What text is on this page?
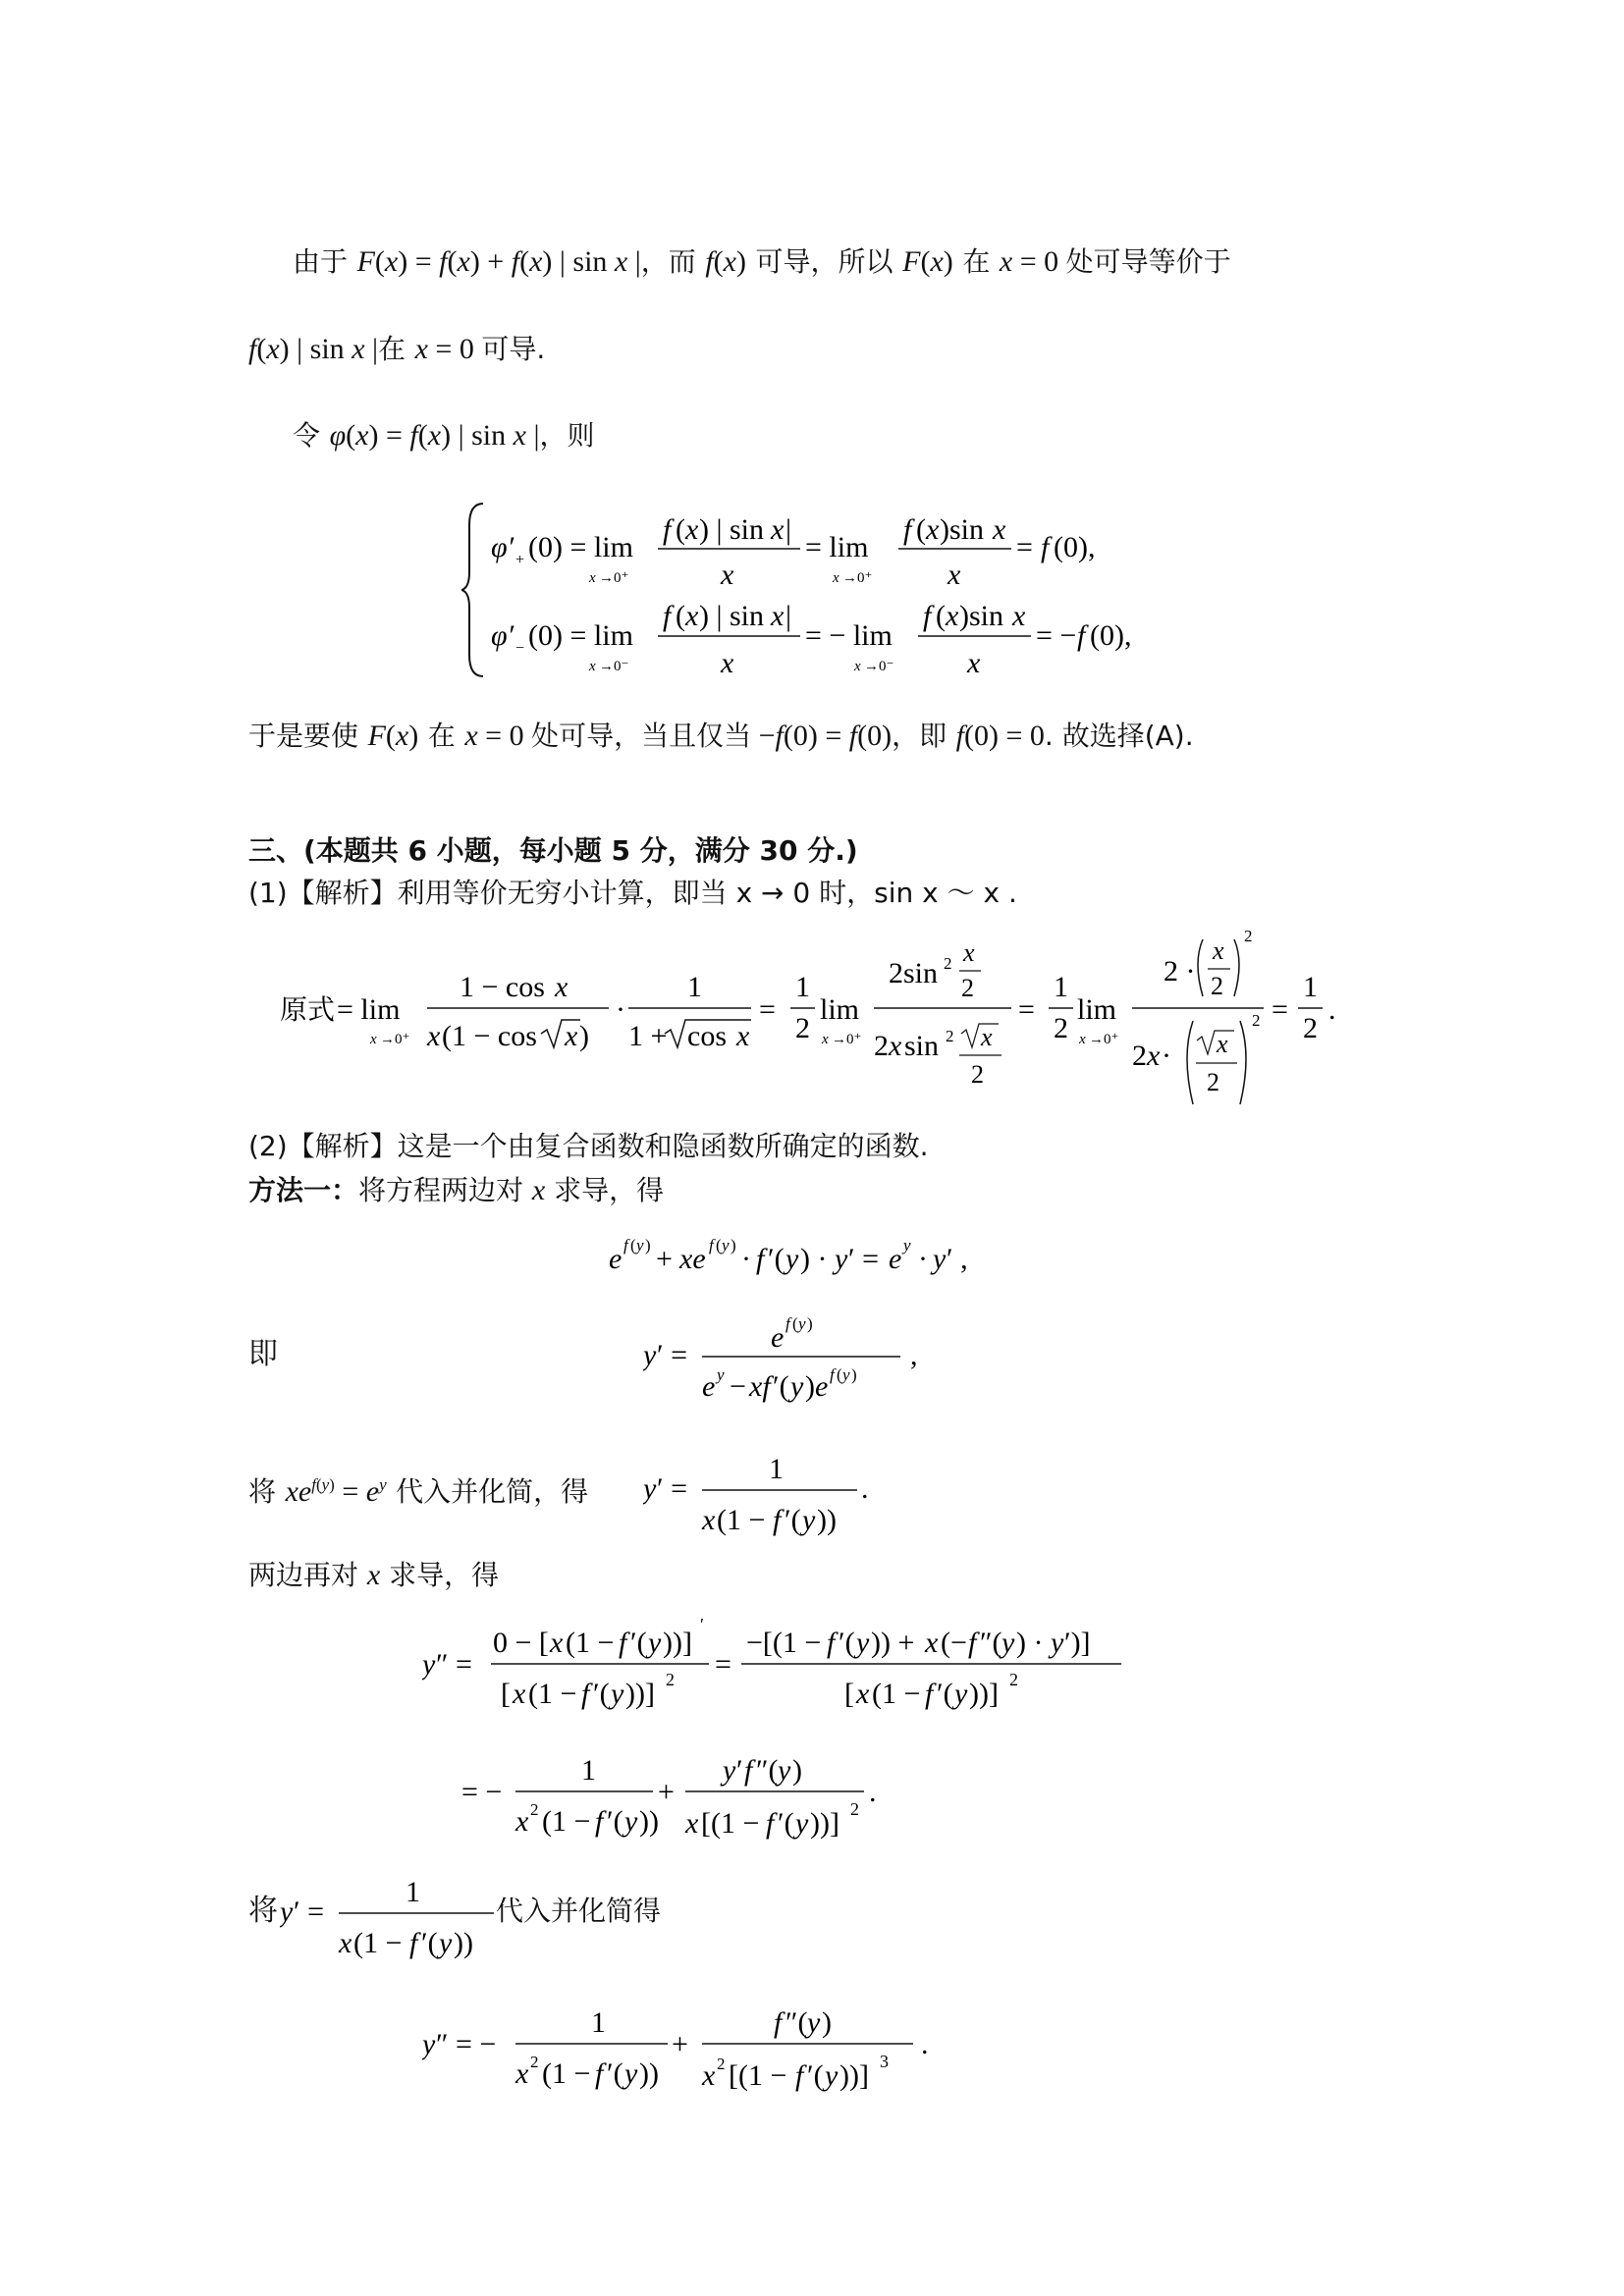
由于 F(x) = f(x) + f(x) | sin x |，而 f(x) 可导，所以 F(x) 在 x = 0 处可导等价于
f(x) | sin x |在 x = 0 可导.
令 φ(x) = f(x) | sin x |，则
φ′ + (0) = lim
x →0⁺
f ( x ) | sin x |
x
= lim
x →0⁺
f ( x )sin x
x
= f (0),
φ′ − (0) = lim
x →0⁻
f ( x ) | sin x |
x
= − lim
x →0⁻
f ( x )sin x
x
= − f (0),
于是要使 F(x) 在 x = 0 处可导，当且仅当 −f(0) = f(0)，即 f(0) = 0. 故选择(A).
三、(本题共 6 小题，每小题 5 分，满分 30 分.)
(1)【解析】利用等价无穷小计算，即当 x → 0 时，sin x ～ x .
原式 = lim
x →0⁺
1 − cos x
x (1 − cos x )
·
1
1 + cos x
=
1
2
lim
x →0⁺
2sin 2 x
2
2 x sin 2 x
2
=
1
2
lim
x →0⁺
2 ·
x
2
2
2 x · x
2
2 =
1
2
.
(2)【解析】这是一个由复合函数和隐函数所确定的函数.
方法一：将方程两边对 x 求导，得
e f ( y ) + xe f ( y ) · f ′( y ) · y ′ = e y · y ′ ,
即	y ′ =
e f ( y )
e y − xf ′( y ) e f ( y )
,
将 $xe^{f(y)} = e^y$ 代入并化简，得 y ′ =
1
x (1 − f ′( y ))
.
两边再对 x 求导，得
y ″ =
0 − [ x (1 − f ′( y ))]
′
[ x (1 − f ′( y ))] 2 =
−[(1 − f ′( y )) + x (− f ″( y ) · y ′)]
[ x (1 − f ′( y ))] 2
= −
1
x 2 (1 − f ′( y ))
+
y ′ f ″( y )
x [(1 − f ′( y ))] 2
.
将 y ′ =
1
x (1 − f ′( y ))
代入并化简得
y ″ = −
1
x 2 (1 − f ′( y ))
+
f ″( y )
x 2 [(1 − f ′( y ))] 3
.
